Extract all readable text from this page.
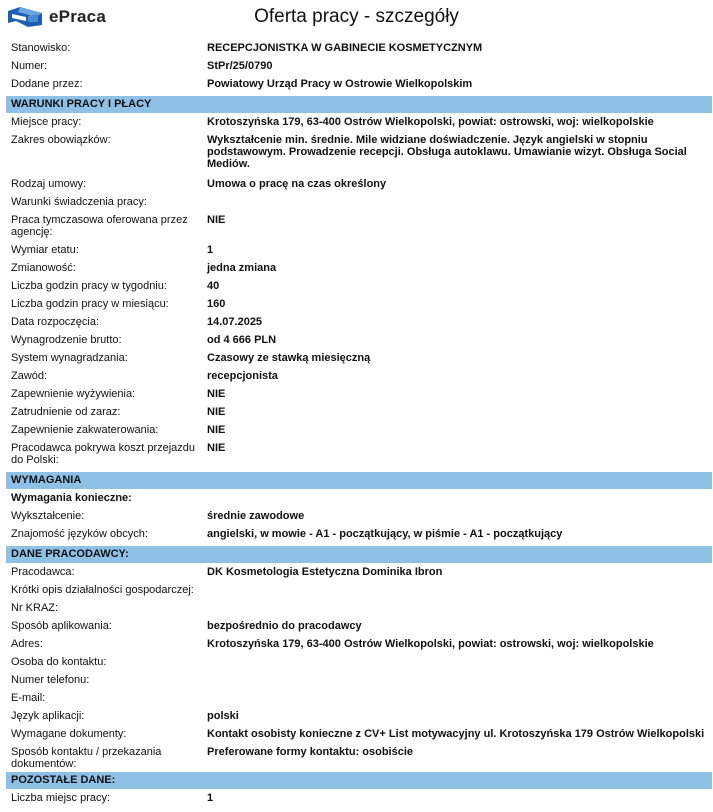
ePraca	Oferta pracy - szczegóły
Stanowisko:	RECEPCJONISTKA W GABINECIE KOSMETYCZNYM
Numer:	StPr/25/0790
Dodane przez:	Powiatowy Urząd Pracy w Ostrowie Wielkopolskim
WARUNKI PRACY I PŁACY
Miejsce pracy:	Krotoszyńska 179, 63-400 Ostrów Wielkopolski, powiat: ostrowski, woj: wielkopolskie
Zakres obowiązków:	Wykształcenie min. średnie. Mile widziane doświadczenie. Język angielski w stopniu podstawowym. Prowadzenie recepcji. Obsługa autoklawu. Umawianie wizyt. Obsługa Social Mediów.
Rodzaj umowy:	Umowa o pracę na czas określony
Warunki świadczenia pracy:
Praca tymczasowa oferowana przez agencję:
NIE
Wymiar etatu:	1
Zmianowość:	jedna zmiana
Liczba godzin pracy w tygodniu:	40
Liczba godzin pracy w miesiącu:	160
Data rozpoczęcia:	14.07.2025
Wynagrodzenie brutto:	od 4 666 PLN
System wynagradzania:	Czasowy ze stawką miesięczną
Zawód:	recepcjonista
Zapewnienie wyżywienia:	NIE
Zatrudnienie od zaraz:	NIE
Zapewnienie zakwaterowania:	NIE
Pracodawca pokrywa koszt przejazdu do Polski:
NIE
WYMAGANIA
Wymagania konieczne:
Wykształcenie:	średnie zawodowe
Znajomość języków obcych:	angielski, w mowie - A1 - początkujący, w piśmie - A1 - początkujący
DANE PRACODAWCY:
Pracodawca:	DK Kosmetologia Estetyczna Dominika Ibron
Krótki opis działalności gospodarczej:
Nr KRAZ:
Sposób aplikowania:	bezpośrednio do pracodawcy
Adres:	Krotoszyńska 179, 63-400 Ostrów Wielkopolski, powiat: ostrowski, woj: wielkopolskie
Osoba do kontaktu:
Numer telefonu:
E-mail:
Język aplikacji:	polski
Wymagane dokumenty:	Kontakt osobisty konieczne z CV+ List motywacyjny ul. Krotoszyńska 179 Ostrów Wielkopolski
Sposób kontaktu / przekazania dokumentów:
Preferowane formy kontaktu: osobiście
POZOSTAŁE DANE:
Liczba miejsc pracy:	1
